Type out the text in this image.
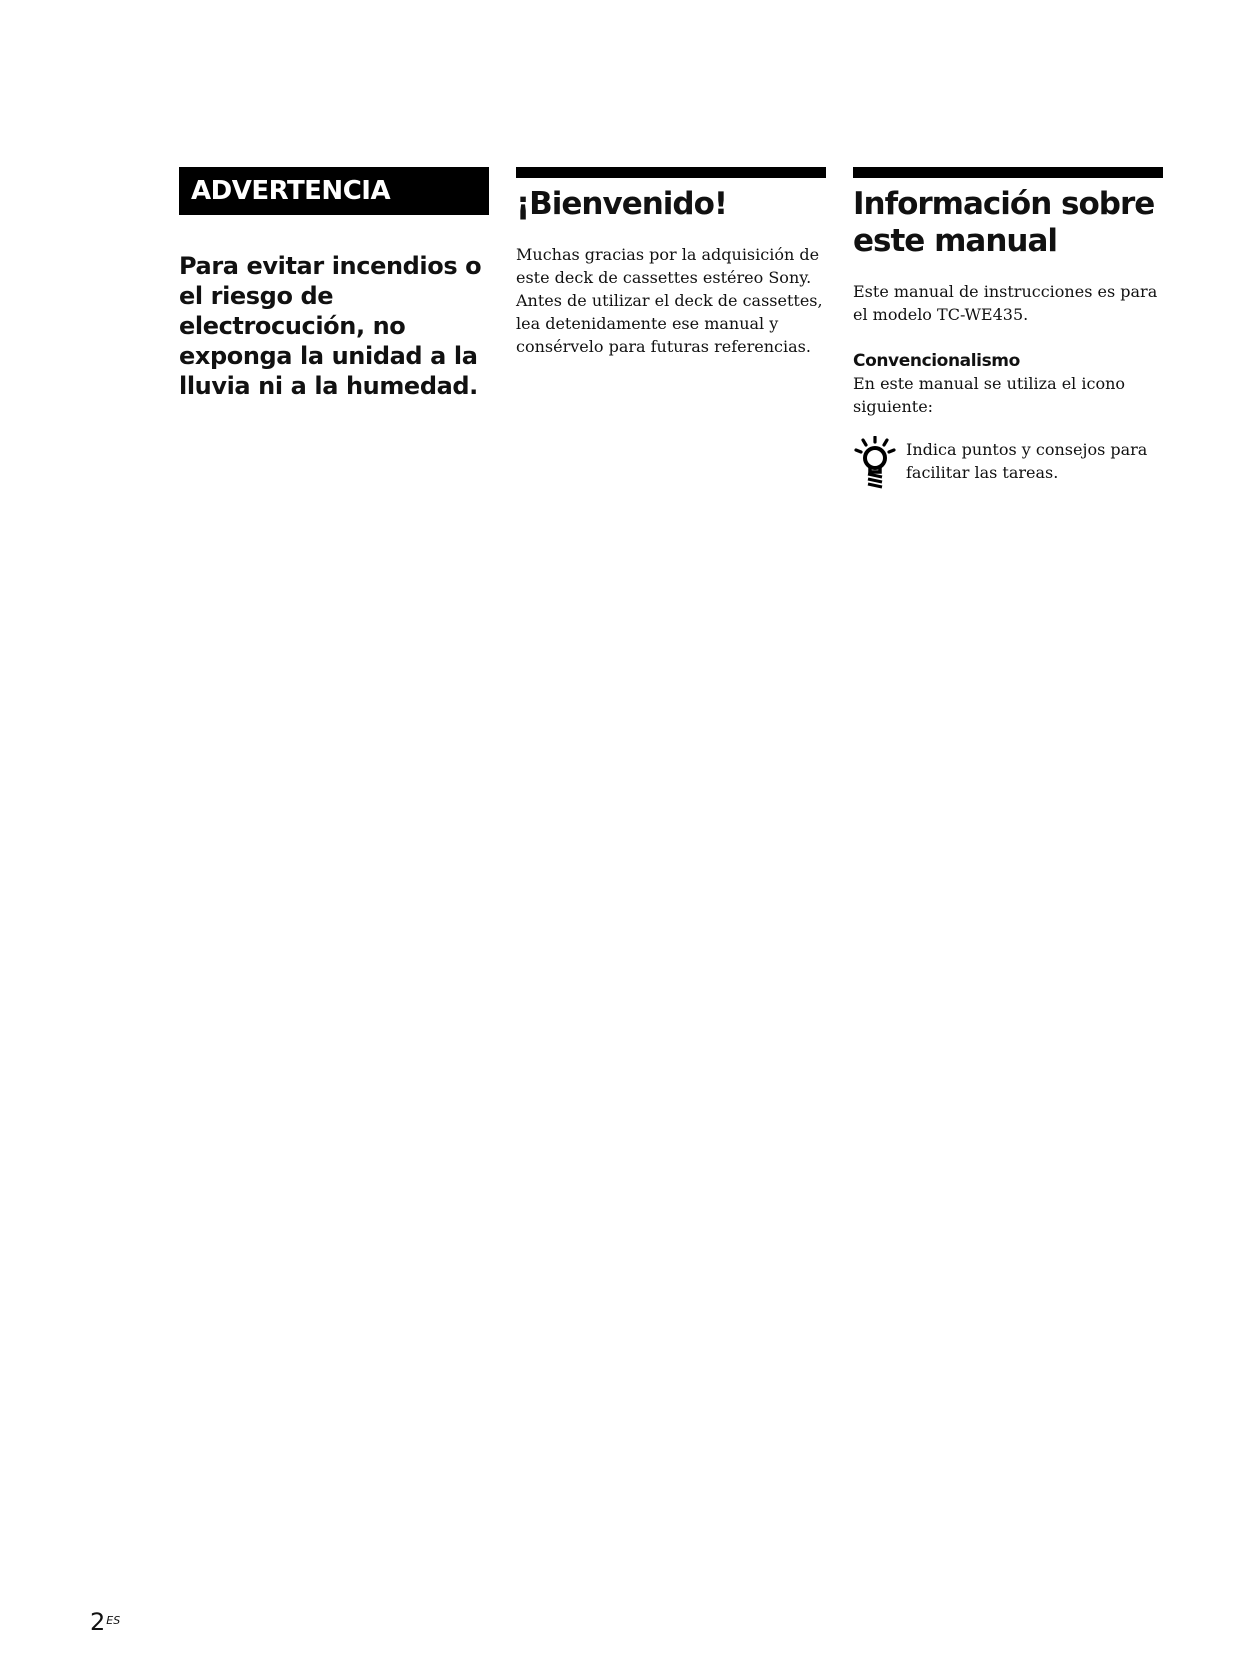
ADVERTENCIA
Para evitar incendios o el riesgo de electrocución, no exponga la unidad a la lluvia ni a la humedad.
¡Bienvenido!
Muchas gracias por la adquisición de este deck de cassettes estéreo Sony. Antes de utilizar el deck de cassettes, lea detenidamente ese manual y consérvelo para futuras referencias.
Información sobre este manual
Este manual de instrucciones es para el modelo TC-WE435.
Convencionalismo
En este manual se utiliza el icono siguiente:
Indica puntos y consejos para facilitar las tareas.
$2^{ES}$
